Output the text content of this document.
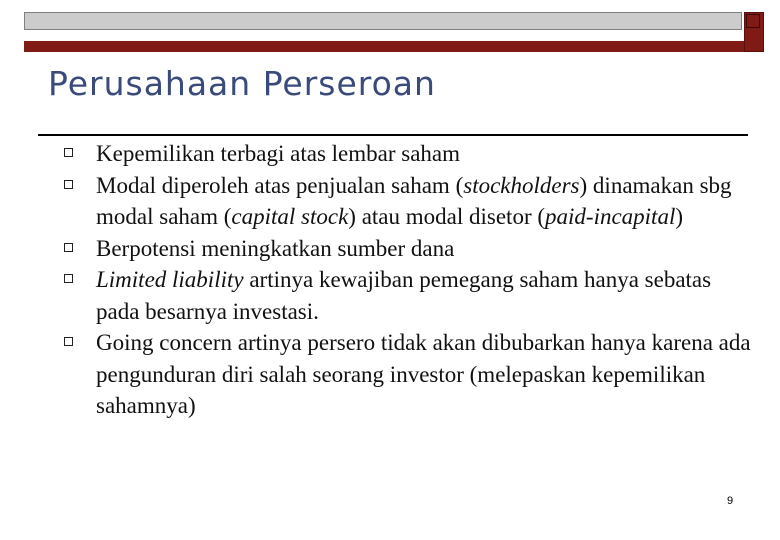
Perusahaan Perseroan
Kepemilikan terbagi atas lembar saham
Modal diperoleh atas penjualan saham (stockholders) dinamakan sbg modal saham (capital stock) atau modal disetor (paid-incapital)
Berpotensi meningkatkan sumber dana
Limited liability artinya kewajiban pemegang saham hanya sebatas pada besarnya investasi.
Going concern artinya persero tidak akan dibubarkan hanya karena ada pengunduran diri salah seorang investor (melepaskan kepemilikan sahamnya)
9
